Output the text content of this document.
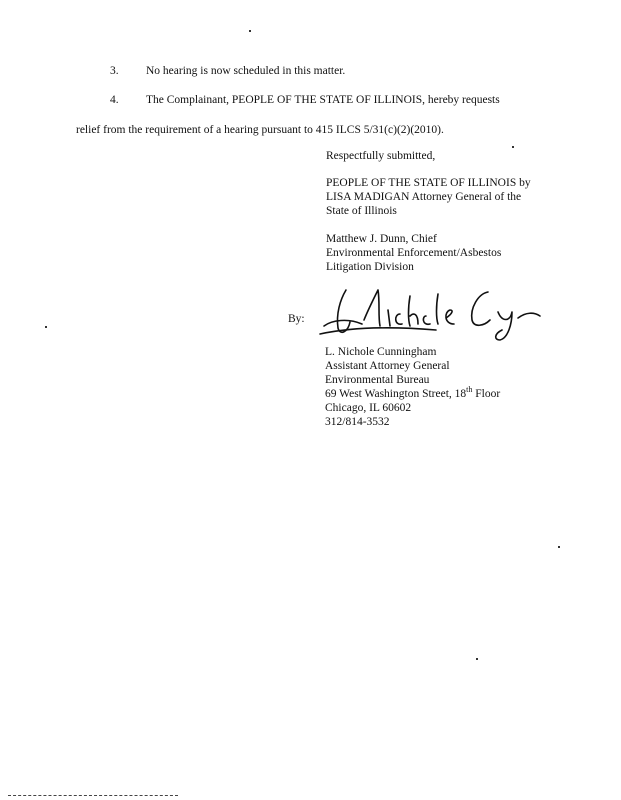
3. No hearing is now scheduled in this matter.
4. The Complainant, PEOPLE OF THE STATE OF ILLINOIS, hereby requests
relief from the requirement of a hearing pursuant to 415 ILCS 5/31(c)(2)(2010).
Respectfully submitted,
PEOPLE OF THE STATE OF ILLINOIS by
LISA MADIGAN Attorney General of the
State of Illinois
Matthew J. Dunn, Chief
Environmental Enforcement/Asbestos
Litigation Division
By:
L. Nichole Cunningham
Assistant Attorney General
Environmental Bureau
69 West Washington Street, 18th Floor
Chicago, IL 60602
312/814-3532
